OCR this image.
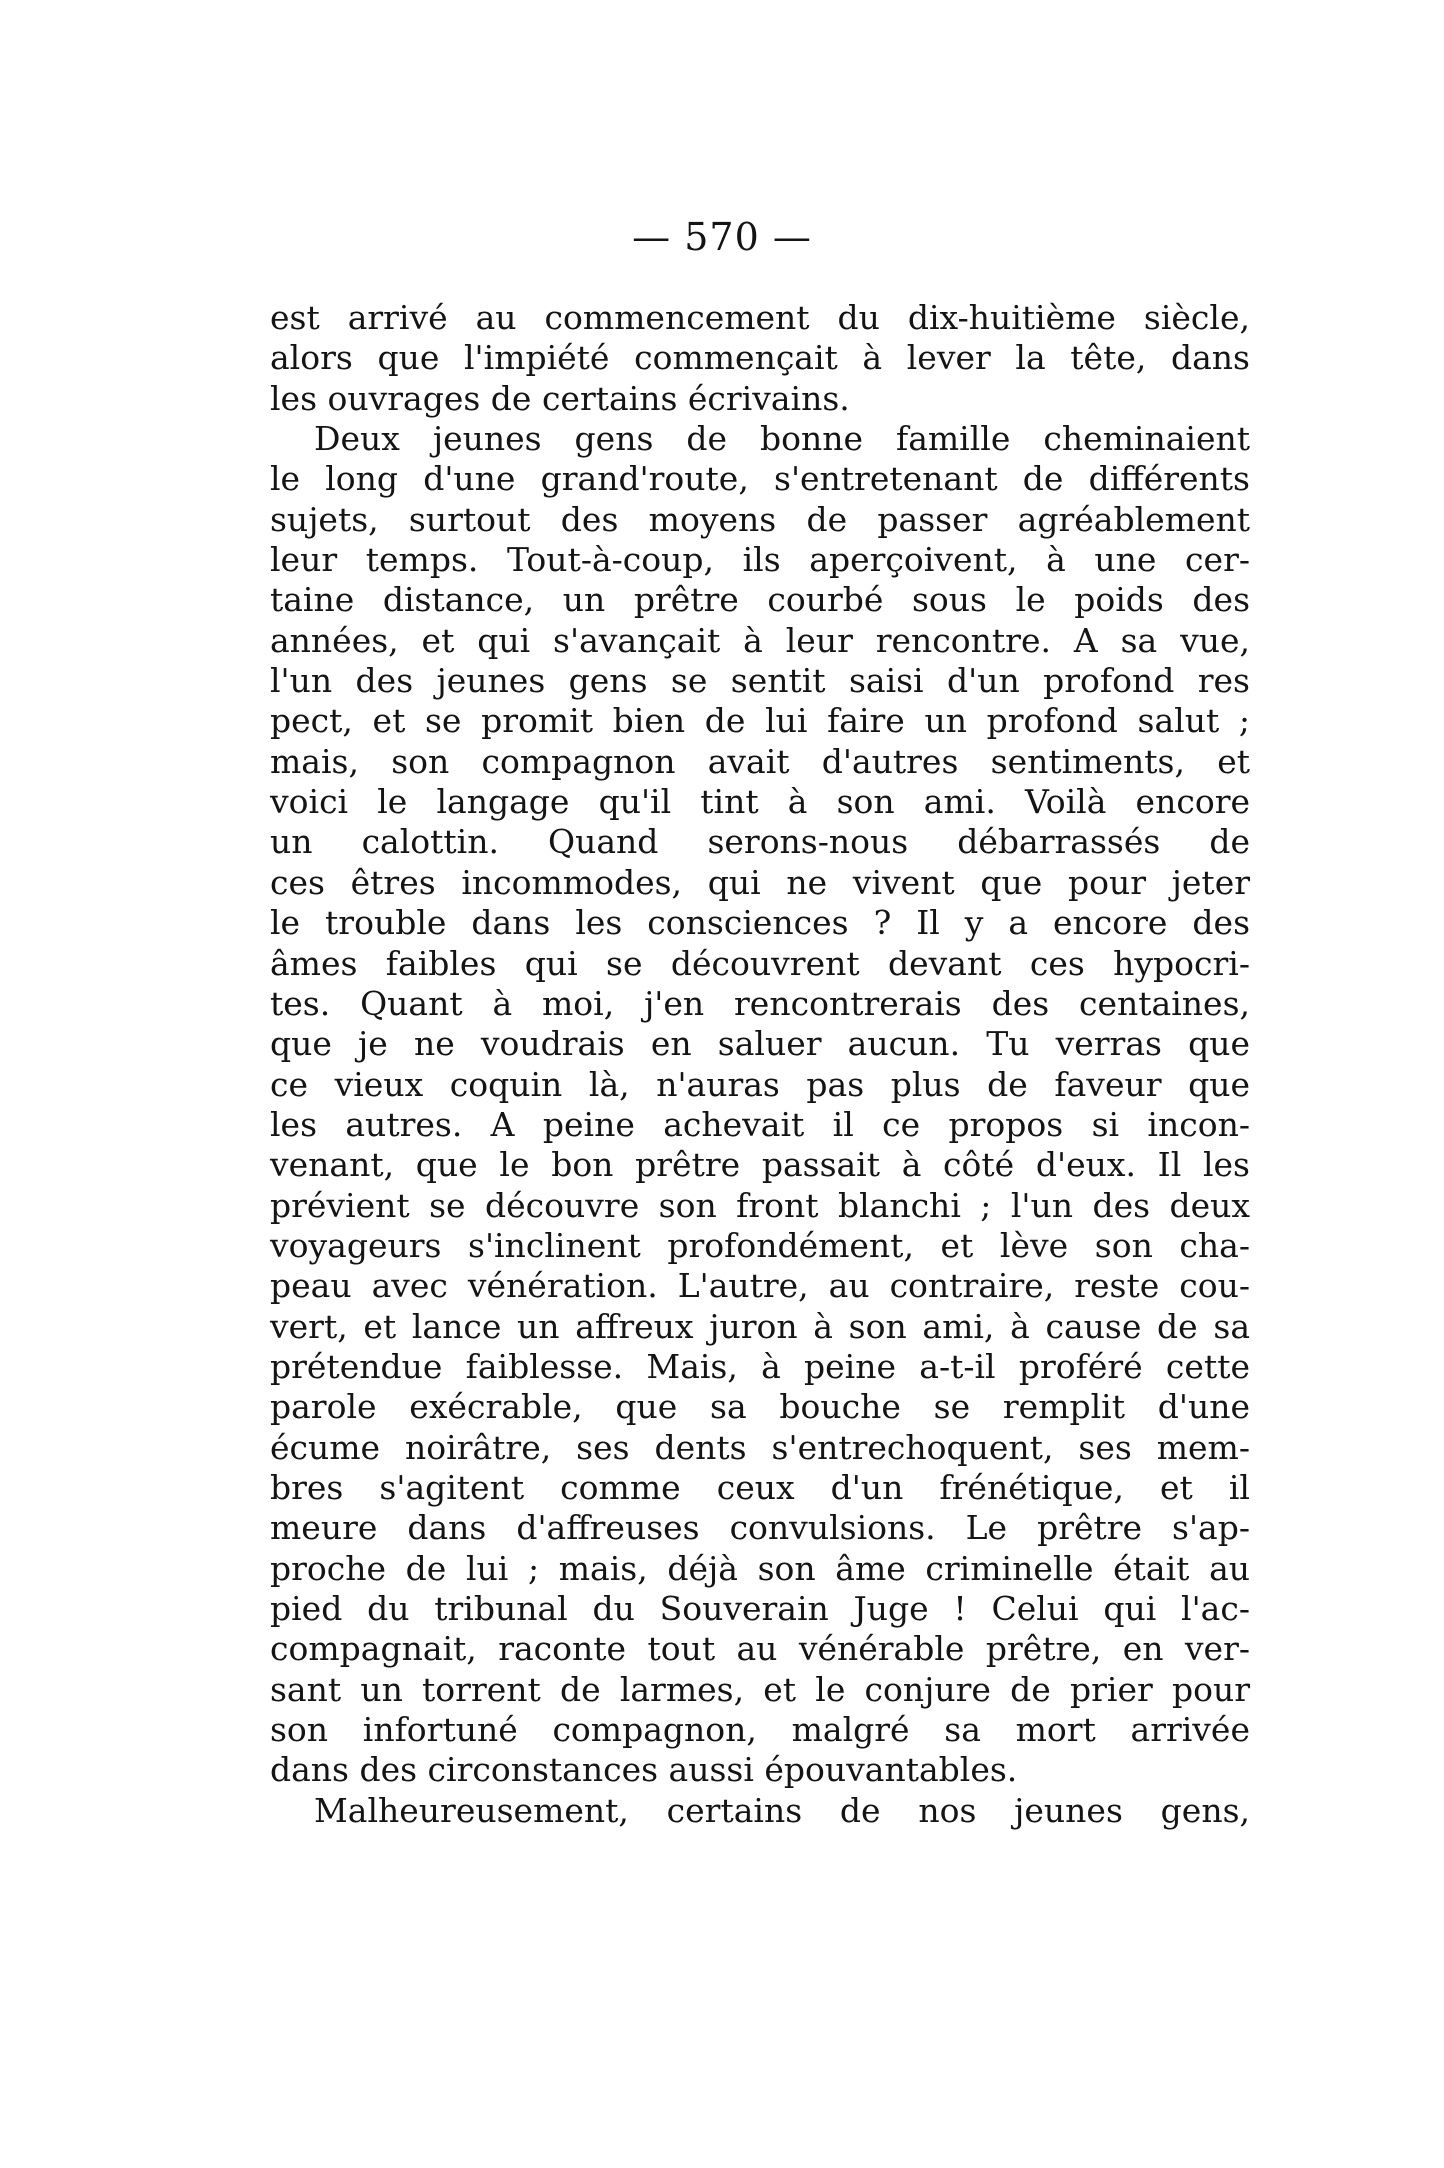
— 570 —
est arrivé au commencement du dix-huitième siècle,
alors que l'impiété commençait à lever la tête, dans
les ouvrages de certains écrivains.
Deux jeunes gens de bonne famille cheminaient
le long d'une grand'route, s'entretenant de différents
sujets, surtout des moyens de passer agréablement
leur temps. Tout-à-coup, ils aperçoivent, à une cer-
taine distance, un prêtre courbé sous le poids des
années, et qui s'avançait à leur rencontre. A sa vue,
l'un des jeunes gens se sentit saisi d'un profond res
pect, et se promit bien de lui faire un profond salut ;
mais, son compagnon avait d'autres sentiments, et
voici le langage qu'il tint à son ami. Voilà encore
un calottin. Quand serons-nous débarrassés de
ces êtres incommodes, qui ne vivent que pour jeter
le trouble dans les consciences ? Il y a encore des
âmes faibles qui se découvrent devant ces hypocri-
tes. Quant à moi, j'en rencontrerais des centaines,
que je ne voudrais en saluer aucun. Tu verras que
ce vieux coquin là, n'auras pas plus de faveur que
les autres. A peine achevait il ce propos si incon-
venant, que le bon prêtre passait à côté d'eux. Il les
prévient se découvre son front blanchi ; l'un des deux
voyageurs s'inclinent profondément, et lève son cha-
peau avec vénération. L'autre, au contraire, reste cou-
vert, et lance un affreux juron à son ami, à cause de sa
prétendue faiblesse. Mais, à peine a-t-il proféré cette
parole exécrable, que sa bouche se remplit d'une
écume noirâtre, ses dents s'entrechoquent, ses mem-
bres s'agitent comme ceux d'un frénétique, et il
meure dans d'affreuses convulsions. Le prêtre s'ap-
proche de lui ; mais, déjà son âme criminelle était au
pied du tribunal du Souverain Juge ! Celui qui l'ac-
compagnait, raconte tout au vénérable prêtre, en ver-
sant un torrent de larmes, et le conjure de prier pour
son infortuné compagnon, malgré sa mort arrivée
dans des circonstances aussi épouvantables.
Malheureusement, certains de nos jeunes gens,
